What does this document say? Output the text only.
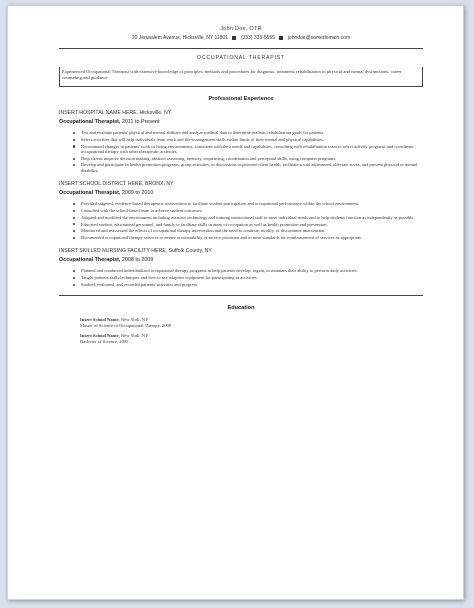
John Doe, OTR
20 Jerusalem Avenue, Hicksville, NY 11801	(333) 333-5555	johndoe@somedomain.com
OCCUPATIONAL THERAPIST
Experienced Occupational Therapist with extensive knowledge of principles, methods and procedures for diagnosis, treatment, rehabilitation of physical and mental dysfunctions, career counseling and guidance.
Professional Experience
INSERT HOSPITAL NAME HERE, Hicksville, NY
Occupational Therapist, 2011 to Present
Test and evaluate patients' physical and mental abilities and analyze medical data to determine realistic rehabilitation goals for patients.
Select activities that will help individuals learn work and life-management skills within limits of their mental and physical capabilities.
Recommend changes in patients' work or living environments, consistent with their needs and capabilities, consulting with rehabilitation team to select activity programs and coordinate occupational therapy with other therapeutic activities.
Help clients improve decision making, abstract reasoning, memory, sequencing, coordination and perceptual skills, using computer programs.
Develop and participate in health promotion programs, group activities, or discussions to promote client health, facilitate social adjustment, alleviate stress, and prevent physical or mental disability.
INSERT SCHOOL DISTRICT HERE, BRONX, NY
Occupational Therapist, 2009 to 2010
Provided targeted, evidence-based therapeutic intervention to facilitate student participation and occupational performance within the school environment.
Consulted with the school-based team to achieve student outcomes.
Adapted and modified the environment including assistive technology and training instructional staff to meet individual needs and to help students function as independently as possible.
Educated student, educational personnel, and family to facilitate skills in areas of occupation as well as health promotion and prevention.
Monitored and reassessed the effects of occupational therapy intervention and the need to continue, modify, or discontinue intervention.
Documented occupational therapy services to ensure accountability of service provision and to meet standards for reimbursement of services as appropriate.
INSERT SKILLED NURSING FACILITY HERE, Suffolk County, NY
Occupational Therapist, 2008 to 2009
Planned and conducted individualized occupational therapy programs to help patients develop, regain, or maintain their ability to perform daily activities.
Taught patients skills/techniques and how to use adaptive equipment for participating in activities.
Studied, evaluated, and recorded patients' activities and progress.
Education
Insert School Name, New York, NY
Master of Science in Occupational Therapy, 2008
Insert School Name, New York, NY
Bachelor of Science, 2005
